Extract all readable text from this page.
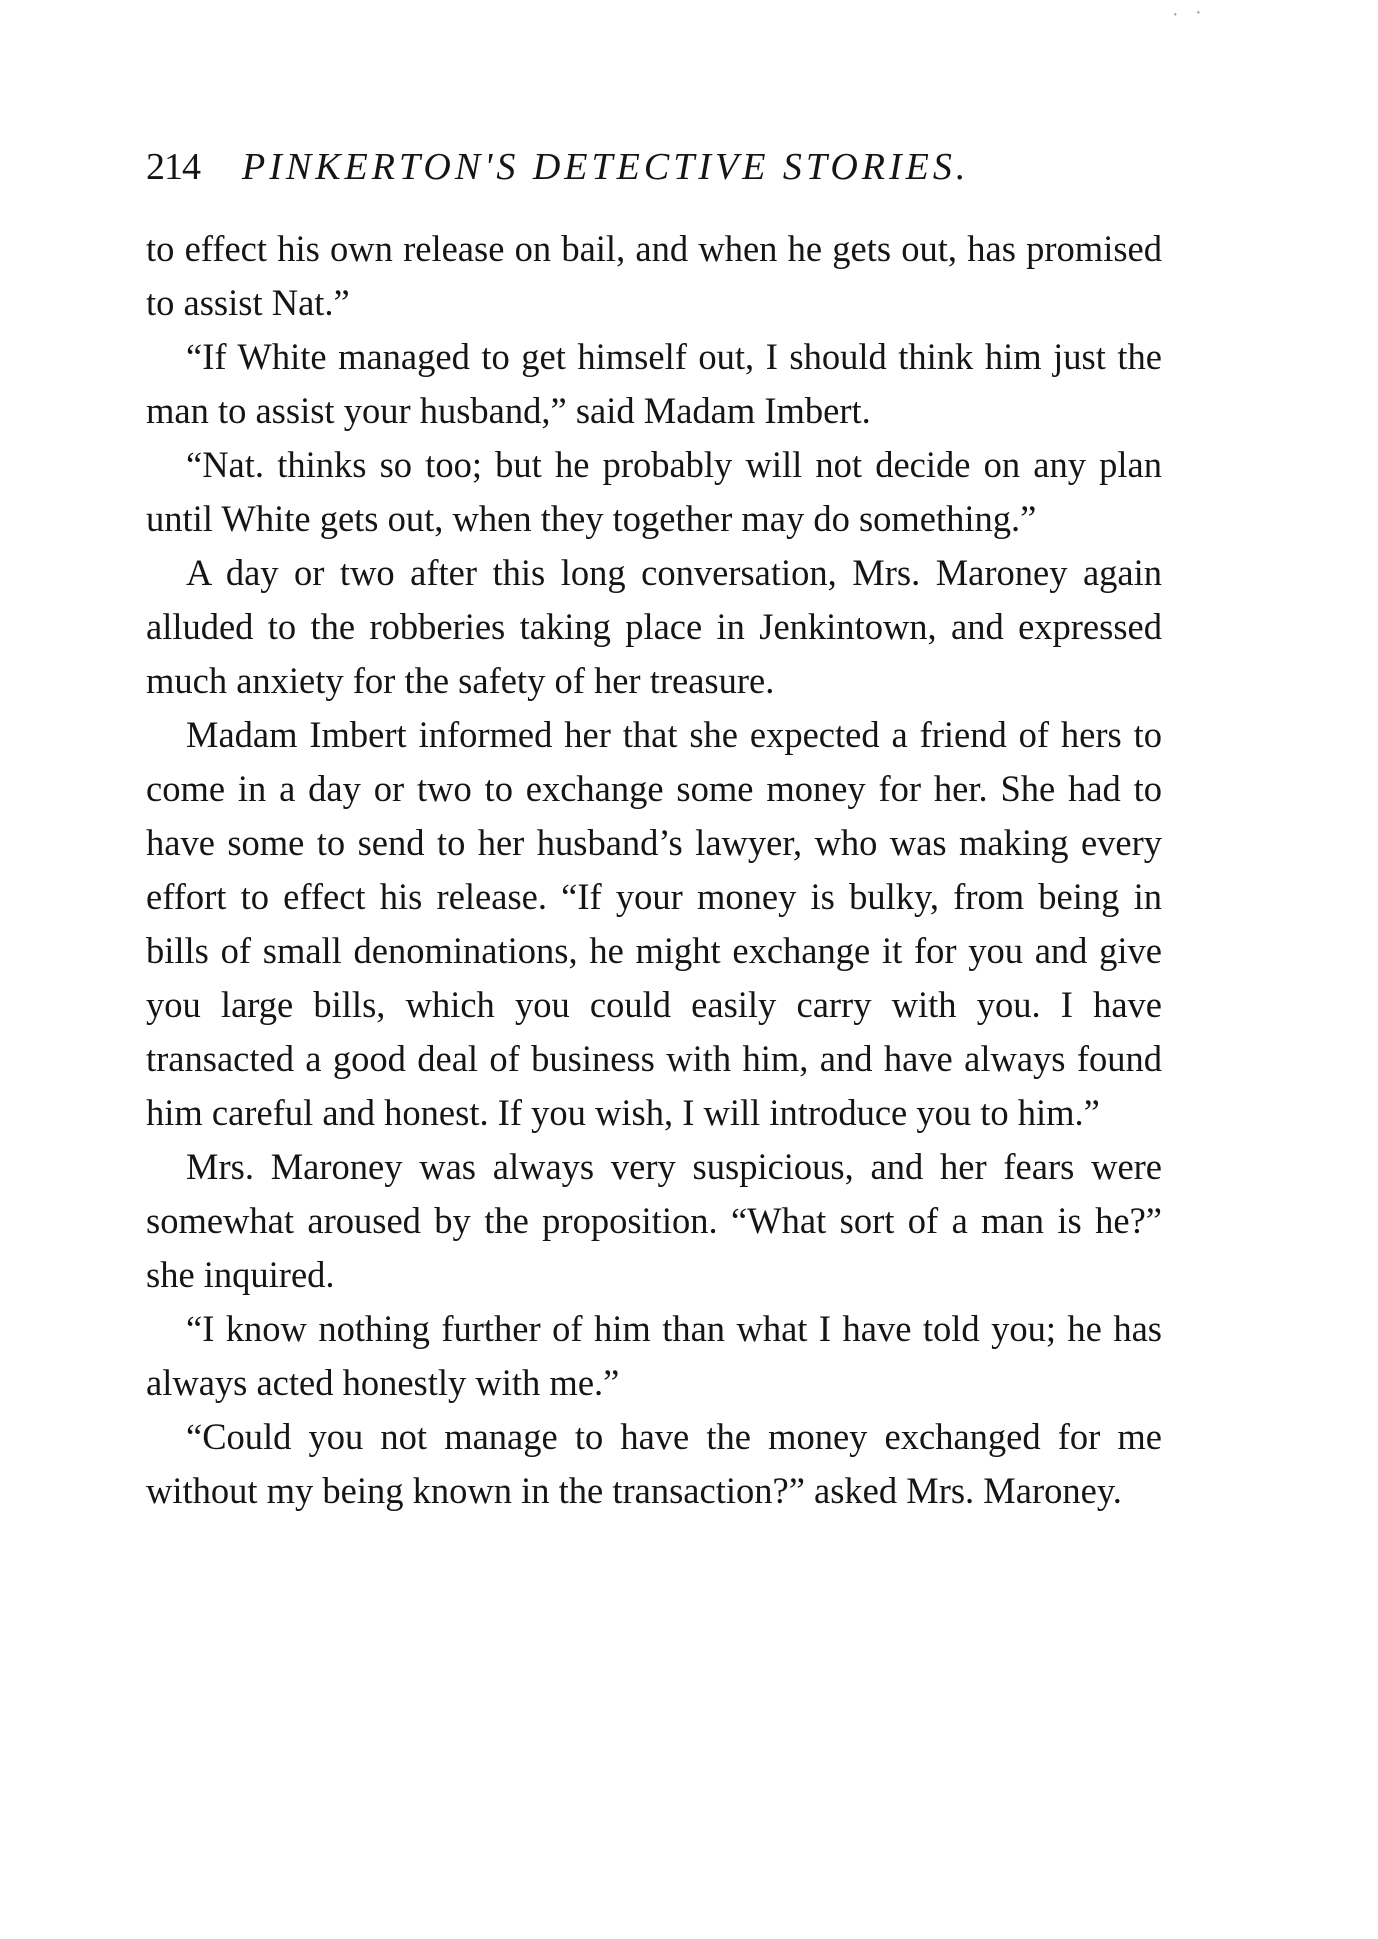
214 PINKERTON'S DETECTIVE STORIES.

to effect his own release on bail, and when he gets out, has promised to assist Nat.”

“If White managed to get himself out, I should think him just the man to assist your husband,” said Madam Imbert.

“Nat. thinks so too; but he probably will not decide on any plan until White gets out, when they together may do something.”

A day or two after this long conversation, Mrs. Maroney again alluded to the robberies taking place in Jenkintown, and expressed much anxiety for the safety of her treasure.

Madam Imbert informed her that she expected a friend of hers to come in a day or two to exchange some money for her. She had to have some to send to her husband’s lawyer, who was making every effort to effect his release. “If your money is bulky, from being in bills of small denominations, he might exchange it for you and give you large bills, which you could easily carry with you. I have transacted a good deal of business with him, and have always found him careful and honest. If you wish, I will introduce you to him.”

Mrs. Maroney was always very suspicious, and her fears were somewhat aroused by the proposition. “What sort of a man is he?” she inquired.

“I know nothing further of him than what I have told you; he has always acted honestly with me.”

“Could you not manage to have the money exchanged for me without my being known in the transaction?” asked Mrs. Maroney.

· ·
